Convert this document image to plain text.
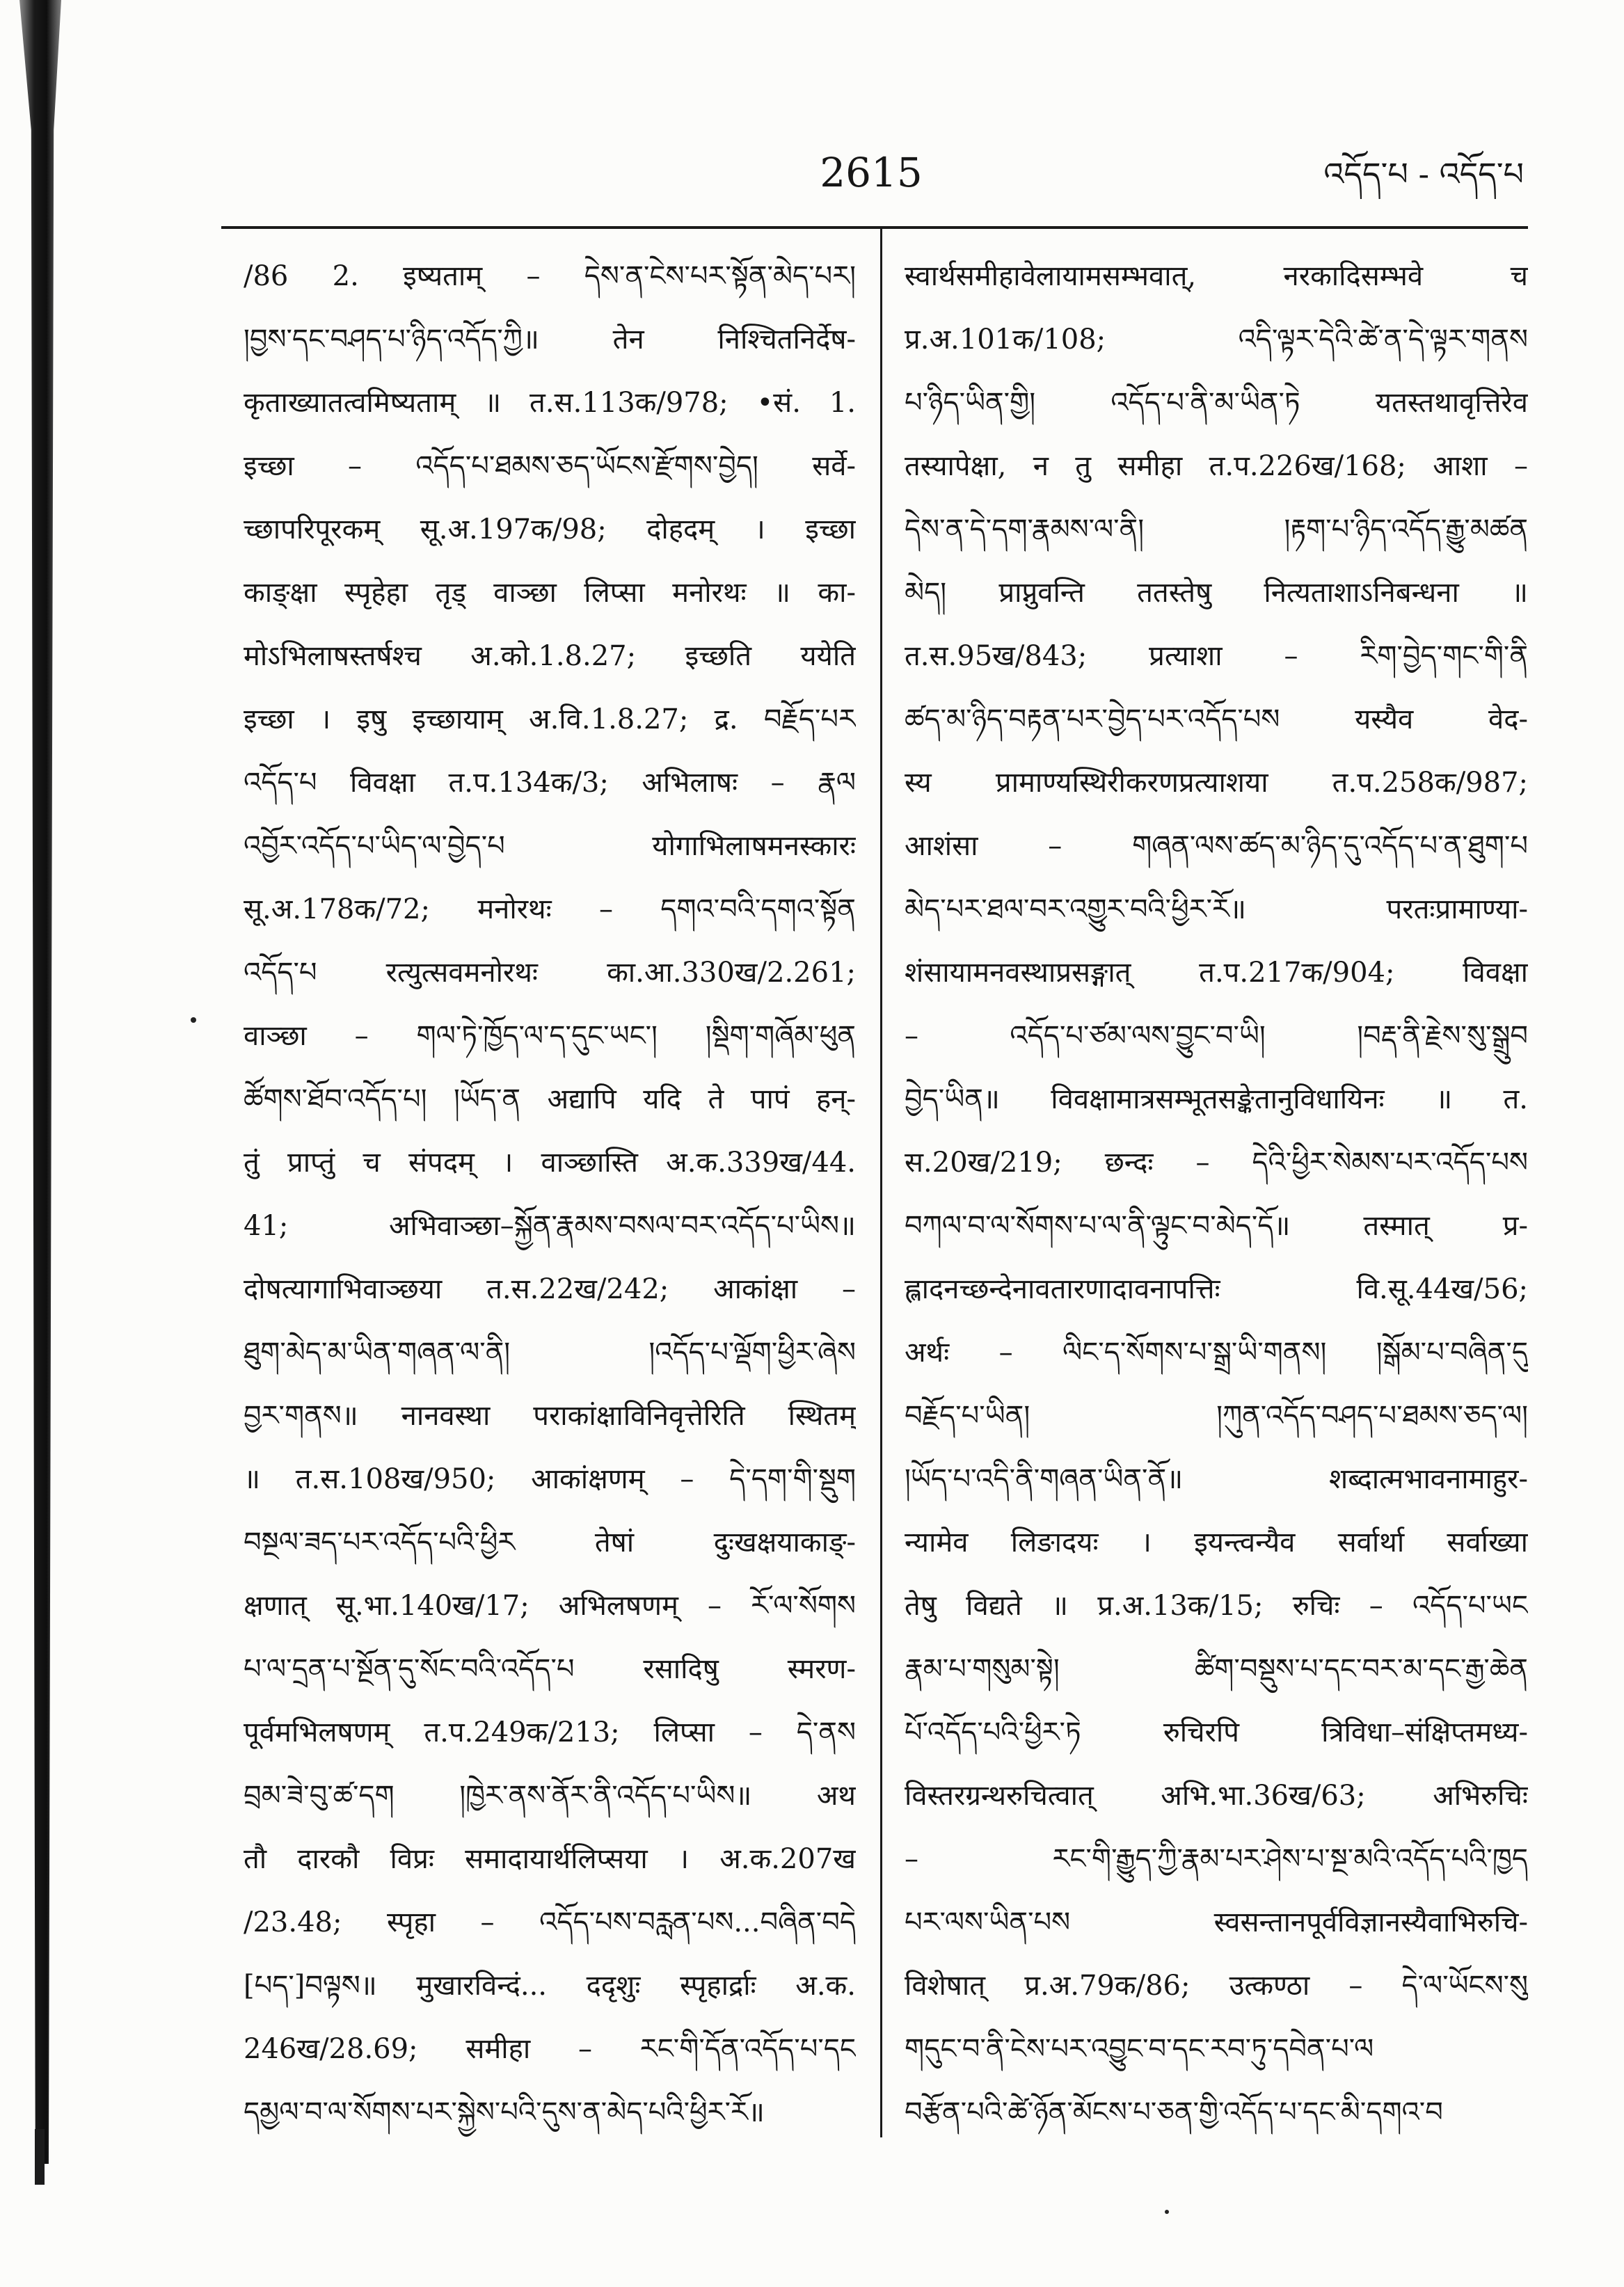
2615	འདོད་པ - འདོད་པ
/86 2. इष्यताम् – དེས་ན་ངེས་པར་སྟོན་མེད་པར།
།བྱས་དང་བཤད་པ་ཉིད་འདོད་ཀྱི॥ तेन निश्चितनिर्देष-
कृताख्यातत्वमिष्यताम् ॥ त.स.113क/978; •सं. 1.
इच्छा – འདོད་པ་ཐམས་ཅད་ཡོངས་རྫོགས་བྱེད། सर्वे-
च्छापरिपूरकम् सू.अ.197क/98; दोहदम् । इच्छा
काङ्क्षा स्पृहेहा तृड् वाञ्छा लिप्सा मनोरथः ॥ का-
मोऽभिलाषस्तर्षश्च अ.को.1.8.27; इच्छति ययेति
इच्छा । इषु इच्छायाम् अ.वि.1.8.27; द्र. བརྗོད་པར
འདོད་པ विवक्षा त.प.134क/3; अभिलाषः – རྣལ
འབྱོར་འདོད་པ་ཡིད་ལ་བྱེད་པ योगाभिलाषमनस्कारः
सू.अ.178क/72; मनोरथः – དགའ་བའི་དགའ་སྟོན
འདོད་པ रत्युत्सवमनोरथः का.आ.330ख/2.261;
वाञ्छा – གལ་ཏེ་ཁྱོད་ལ་ད་དུང་ཡང་། །སྡིག་གཞོམ་ཕུན
ཚོགས་ཐོབ་འདོད་པ། །ཡོད་ན अद्यापि यदि ते पापं हन्-
तुं प्राप्तुं च संपदम् । वाञ्छास्ति अ.क.339ख/44.
41; अभिवाञ्छा–སྐྱོན་རྣམས་བསལ་བར་འདོད་པ་ཡིས॥
दोषत्यागाभिवाञ्छया त.स.22ख/242; आकांक्षा –
ཐུག་མེད་མ་ཡིན་གཞན་ལ་ནི། །འདོད་པ་ལྡོག་ཕྱིར་ཞེས
བྱར་གནས॥ नानवस्था पराकांक्षाविनिवृत्तेरिति स्थितम्
॥ त.स.108ख/950; आकांक्षणम् – དེ་དག་གི་སྡུག
བསྔལ་ཟད་པར་འདོད་པའི་ཕྱིར तेषां दुःखक्षयाकाङ्-
क्षणात् सू.भा.140ख/17; अभिलषणम् – རོ་ལ་སོགས
པ་ལ་དྲན་པ་སྔོན་དུ་སོང་བའི་འདོད་པ रसादिषु स्मरण-
पूर्वमभिलषणम् त.प.249क/213; लिप्सा – དེ་ནས
བྲམ་ཟེ་བུ་ཚ་དག །ཁྱེར་ནས་ནོར་ནི་འདོད་པ་ཡིས॥ अथ
तौ दारकौ विप्रः समादायार्थलिप्सया । अ.क.207ख
/23.48; स्पृहा – འདོད་པས་བརླན་པས...བཞིན་བདེ
[པད་]བལྟས॥ मुखारविन्दं... ददृशुः स्पृहार्द्राः अ.क.
246ख/28.69; समीहा – རང་གི་དོན་འདོད་པ་དང
དམྱལ་བ་ལ་སོགས་པར་སྐྱེས་པའི་དུས་ན་མེད་པའི་ཕྱིར་རོ॥
स्वार्थसमीहावेलायामसम्भवात्, नरकादिसम्भवे च
प्र.अ.101क/108; འདི་ལྟར་དེའི་ཚེ་ན་དེ་ལྟར་གནས
པ་ཉིད་ཡིན་གྱི། འདོད་པ་ནི་མ་ཡིན་ཏེ यतस्तथावृत्तिरेव
तस्यापेक्षा, न तु समीहा त.प.226ख/168; आशा –
དེས་ན་དེ་དག་རྣམས་ལ་ནི། །རྟག་པ་ཉིད་འདོད་རྒྱུ་མཚན
མེད། प्राप्नुवन्ति ततस्तेषु नित्यताशाऽनिबन्धना ॥
त.स.95ख/843; प्रत्याशा – རིག་བྱེད་གང་གི་ནི
ཚད་མ་ཉིད་བརྟན་པར་བྱེད་པར་འདོད་པས यस्यैव वेद-
स्य प्रामाण्यस्थिरीकरणप्रत्याशया त.प.258क/987;
आशंसा – གཞན་ལས་ཚད་མ་ཉིད་དུ་འདོད་པ་ན་ཐུག་པ
མེད་པར་ཐལ་བར་འགྱུར་བའི་ཕྱིར་རོ॥ परतःप्रामाण्या-
शंसायामनवस्थाप्रसङ्गात् त.प.217क/904; विवक्षा
– འདོད་པ་ཙམ་ལས་བྱུང་བ་ཡི། །བརྡ་ནི་རྗེས་སུ་སྒྲུབ
བྱེད་ཡིན॥ विवक्षामात्रसम्भूतसङ्केतानुविधायिनः ॥ त.
स.20ख/219; छन्दः – དེའི་ཕྱིར་སེམས་པར་འདོད་པས
བཀལ་བ་ལ་སོགས་པ་ལ་ནི་ལྟུང་བ་མེད་དོ॥ तस्मात् प्र-
ह्लादनच्छन्देनावतारणादावनापत्तिः वि.सू.44ख/56;
अर्थः – ལིང་ད་སོགས་པ་སྒྲ་ཡི་གནས། །སྒོམ་པ་བཞིན་དུ
བརྗོད་པ་ཡིན། །ཀུན་འདོད་བཤད་པ་ཐམས་ཅད་ལ།
།ཡོད་པ་འདི་ནི་གཞན་ཡིན་ནོ॥ शब्दात्मभावनामाहुर-
न्यामेव लिङादयः । इयन्त्वन्यैव सर्वार्था सर्वाख्या
तेषु विद्यते ॥ प्र.अ.13क/15; रुचिः – འདོད་པ་ཡང
རྣམ་པ་གསུམ་སྟེ། ཚིག་བསྡུས་པ་དང་བར་མ་དང་རྒྱ་ཆེན
པོ་འདོད་པའི་ཕྱིར་ཏེ रुचिरपि त्रिविधा–संक्षिप्तमध्य-
विस्तरग्रन्थरुचित्वात् अभि.भा.36ख/63; अभिरुचिः
– རང་གི་རྒྱུད་ཀྱི་རྣམ་པར་ཤེས་པ་སྔ་མའི་འདོད་པའི་ཁྱད
པར་ལས་ཡིན་པས स्वसन्तानपूर्वविज्ञानस्यैवाभिरुचि-
विशेषात् प्र.अ.79क/86; उत्कण्ठा – དེ་ལ་ཡོངས་སུ
གདུང་བ་ནི་ངེས་པར་འབྱུང་བ་དང་རབ་ཏུ་དབེན་པ་ལ
བརྩོན་པའི་ཚེ་ཉོན་མོངས་པ་ཅན་གྱི་འདོད་པ་དང་མི་དགའ་བ
